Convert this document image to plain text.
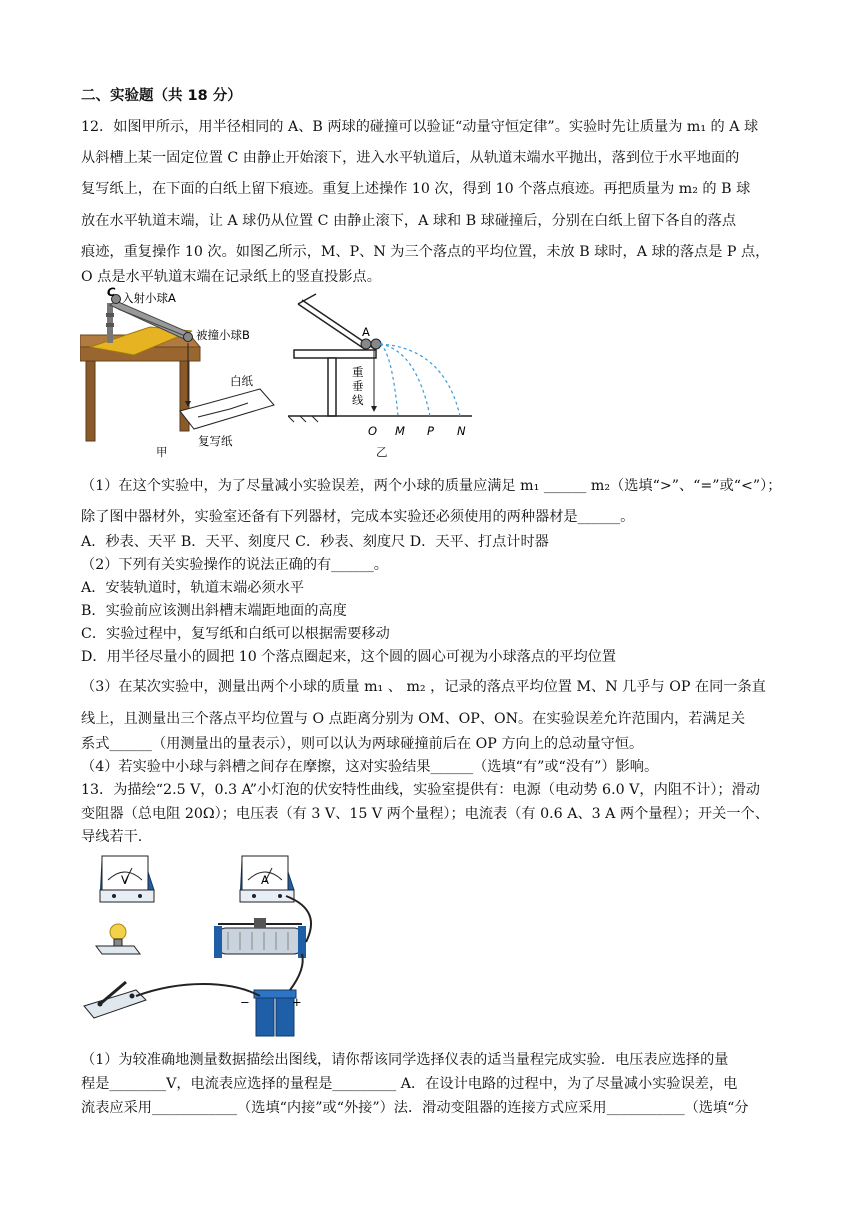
二、实验题（共 18 分）
12．如图甲所示，用半径相同的 A、B 两球的碰撞可以验证“动量守恒定律”。实验时先让质量为 m₁ 的 A 球
从斜槽上某一固定位置 C 由静止开始滚下，进入水平轨道后，从轨道末端水平抛出，落到位于水平地面的
复写纸上，在下面的白纸上留下痕迹。重复上述操作 10 次，得到 10 个落点痕迹。再把质量为 m₂ 的 B 球
放在水平轨道末端，让 A 球仍从位置 C 由静止滚下，A 球和 B 球碰撞后，分别在白纸上留下各自的落点
痕迹，重复操作 10 次。如图乙所示，M、P、N 为三个落点的平均位置，未放 B 球时，A 球的落点是 P 点，
O 点是水平轨道末端在记录纸上的竖直投影点。
C 入射小球A
被撞小球B
白纸
复写纸
甲
A
重
垂
线
O M P N
乙
（1）在这个实验中，为了尽量减小实验误差，两个小球的质量应满足 m₁ ______ m₂（选填“>”、“=”或“<”）；
除了图中器材外，实验室还备有下列器材，完成本实验还必须使用的两种器材是______。
A．秒表、天平 B．天平、刻度尺 C．秒表、刻度尺 D．天平、打点计时器
（2）下列有关实验操作的说法正确的有______。
A．安装轨道时，轨道末端必须水平
B．实验前应该测出斜槽末端距地面的高度
C．实验过程中，复写纸和白纸可以根据需要移动
D．用半径尽量小的圆把 10 个落点圈起来，这个圆的圆心可视为小球落点的平均位置
（3）在某次实验中，测量出两个小球的质量 m₁ 、 m₂ ，记录的落点平均位置 M、N 几乎与 OP 在同一条直
线上，且测量出三个落点平均位置与 O 点距离分别为 OM、OP、ON。在实验误差允许范围内，若满足关
系式______（用测量出的量表示），则可以认为两球碰撞前后在 OP 方向上的总动量守恒。
（4）若实验中小球与斜槽之间存在摩擦，这对实验结果______（选填“有”或“没有”）影响。
13．为描绘“2.5 V，0.3 A”小灯泡的伏安特性曲线，实验室提供有：电源（电动势 6.0 V，内阻不计）；滑动
变阻器（总电阻 20Ω）；电压表（有 3 V、15 V 两个量程）；电流表（有 0.6 A、3 A 两个量程）；开关一个、
导线若干.
V	A
−	+
（1）为较准确地测量数据描绘出图线，请你帮该同学选择仪表的适当量程完成实验．电压表应选择的量
程是________V，电流表应选择的量程是_________ A．在设计电路的过程中，为了尽量减小实验误差，电
流表应采用____________（选填“内接”或“外接”）法．滑动变阻器的连接方式应采用___________（选填“分
